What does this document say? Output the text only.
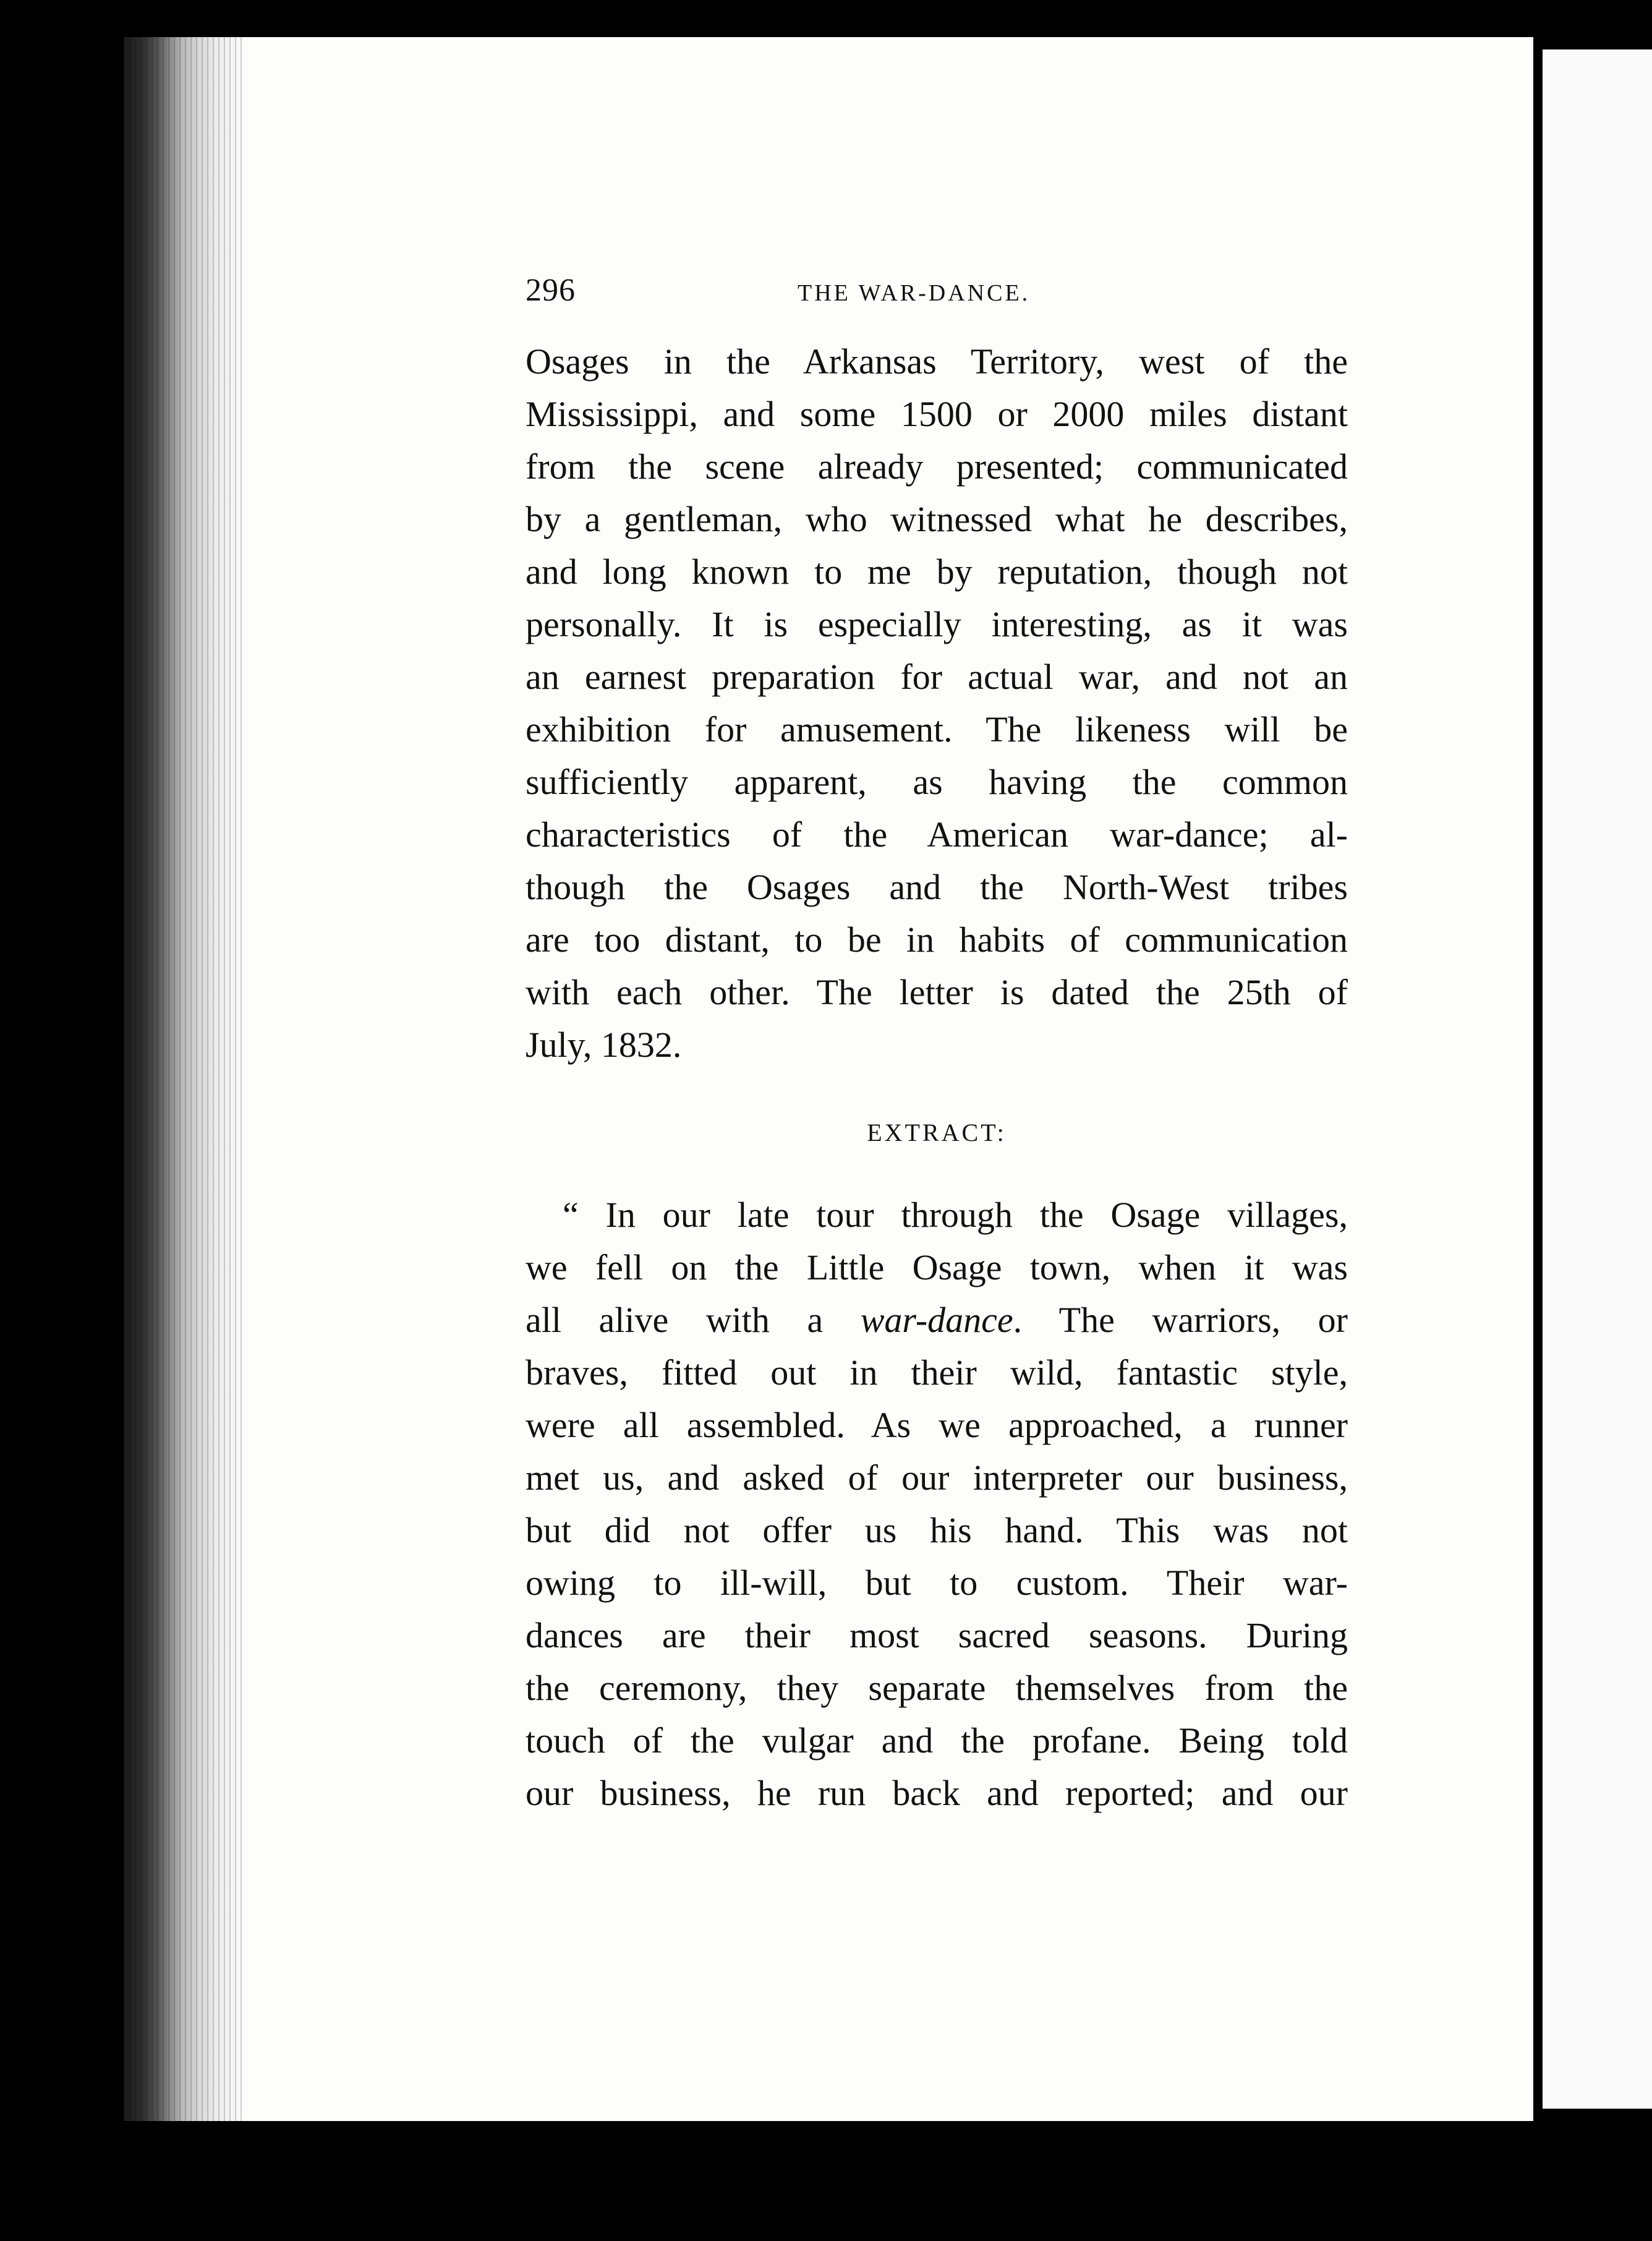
296	THE WAR-DANCE.
Osages in the Arkansas Territory, west of the
Mississippi, and some 1500 or 2000 miles distant
from the scene already presented; communicated
by a gentleman, who witnessed what he describes,
and long known to me by reputation, though not
personally. It is especially interesting, as it was
an earnest preparation for actual war, and not an
exhibition for amusement. The likeness will be
sufficiently apparent, as having the common
characteristics of the American war-dance; al-
though the Osages and the North-West tribes
are too distant, to be in habits of communication
with each other. The letter is dated the 25th of
July, 1832.
EXTRACT:
“ In our late tour through the Osage villages,
we fell on the Little Osage town, when it was
all alive with a war-dance. The warriors, or
braves, fitted out in their wild, fantastic style,
were all assembled. As we approached, a runner
met us, and asked of our interpreter our business,
but did not offer us his hand. This was not
owing to ill-will, but to custom. Their war-
dances are their most sacred seasons. During
the ceremony, they separate themselves from the
touch of the vulgar and the profane. Being told
our business, he run back and reported; and our
